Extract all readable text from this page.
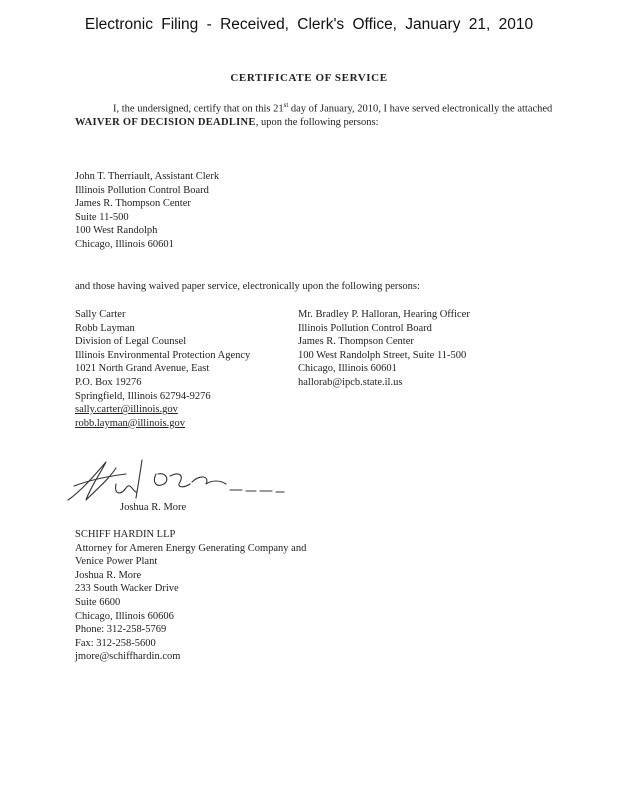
Electronic Filing - Received, Clerk's Office, January 21, 2010
CERTIFICATE OF SERVICE
I, the undersigned, certify that on this 21st day of January, 2010, I have served electronically the attached WAIVER OF DECISION DEADLINE, upon the following persons:
John T. Therriault, Assistant Clerk
Illinois Pollution Control Board
James R. Thompson Center
Suite 11-500
100 West Randolph
Chicago, Illinois 60601
and those having waived paper service, electronically upon the following persons:
Sally Carter
Robb Layman
Division of Legal Counsel
Illinois Environmental Protection Agency
1021 North Grand Avenue, East
P.O. Box 19276
Springfield, Illinois 62794-9276
sally.carter@illinois.gov
robb.layman@illinois.gov
Mr. Bradley P. Halloran, Hearing Officer
Illinois Pollution Control Board
James R. Thompson Center
100 West Randolph Street, Suite 11-500
Chicago, Illinois 60601
hallorab@ipcb.state.il.us
Joshua R. More
SCHIFF HARDIN LLP
Attorney for Ameren Energy Generating Company and
Venice Power Plant
Joshua R. More
233 South Wacker Drive
Suite 6600
Chicago, Illinois 60606
Phone: 312-258-5769
Fax: 312-258-5600
jmore@schiffhardin.com
